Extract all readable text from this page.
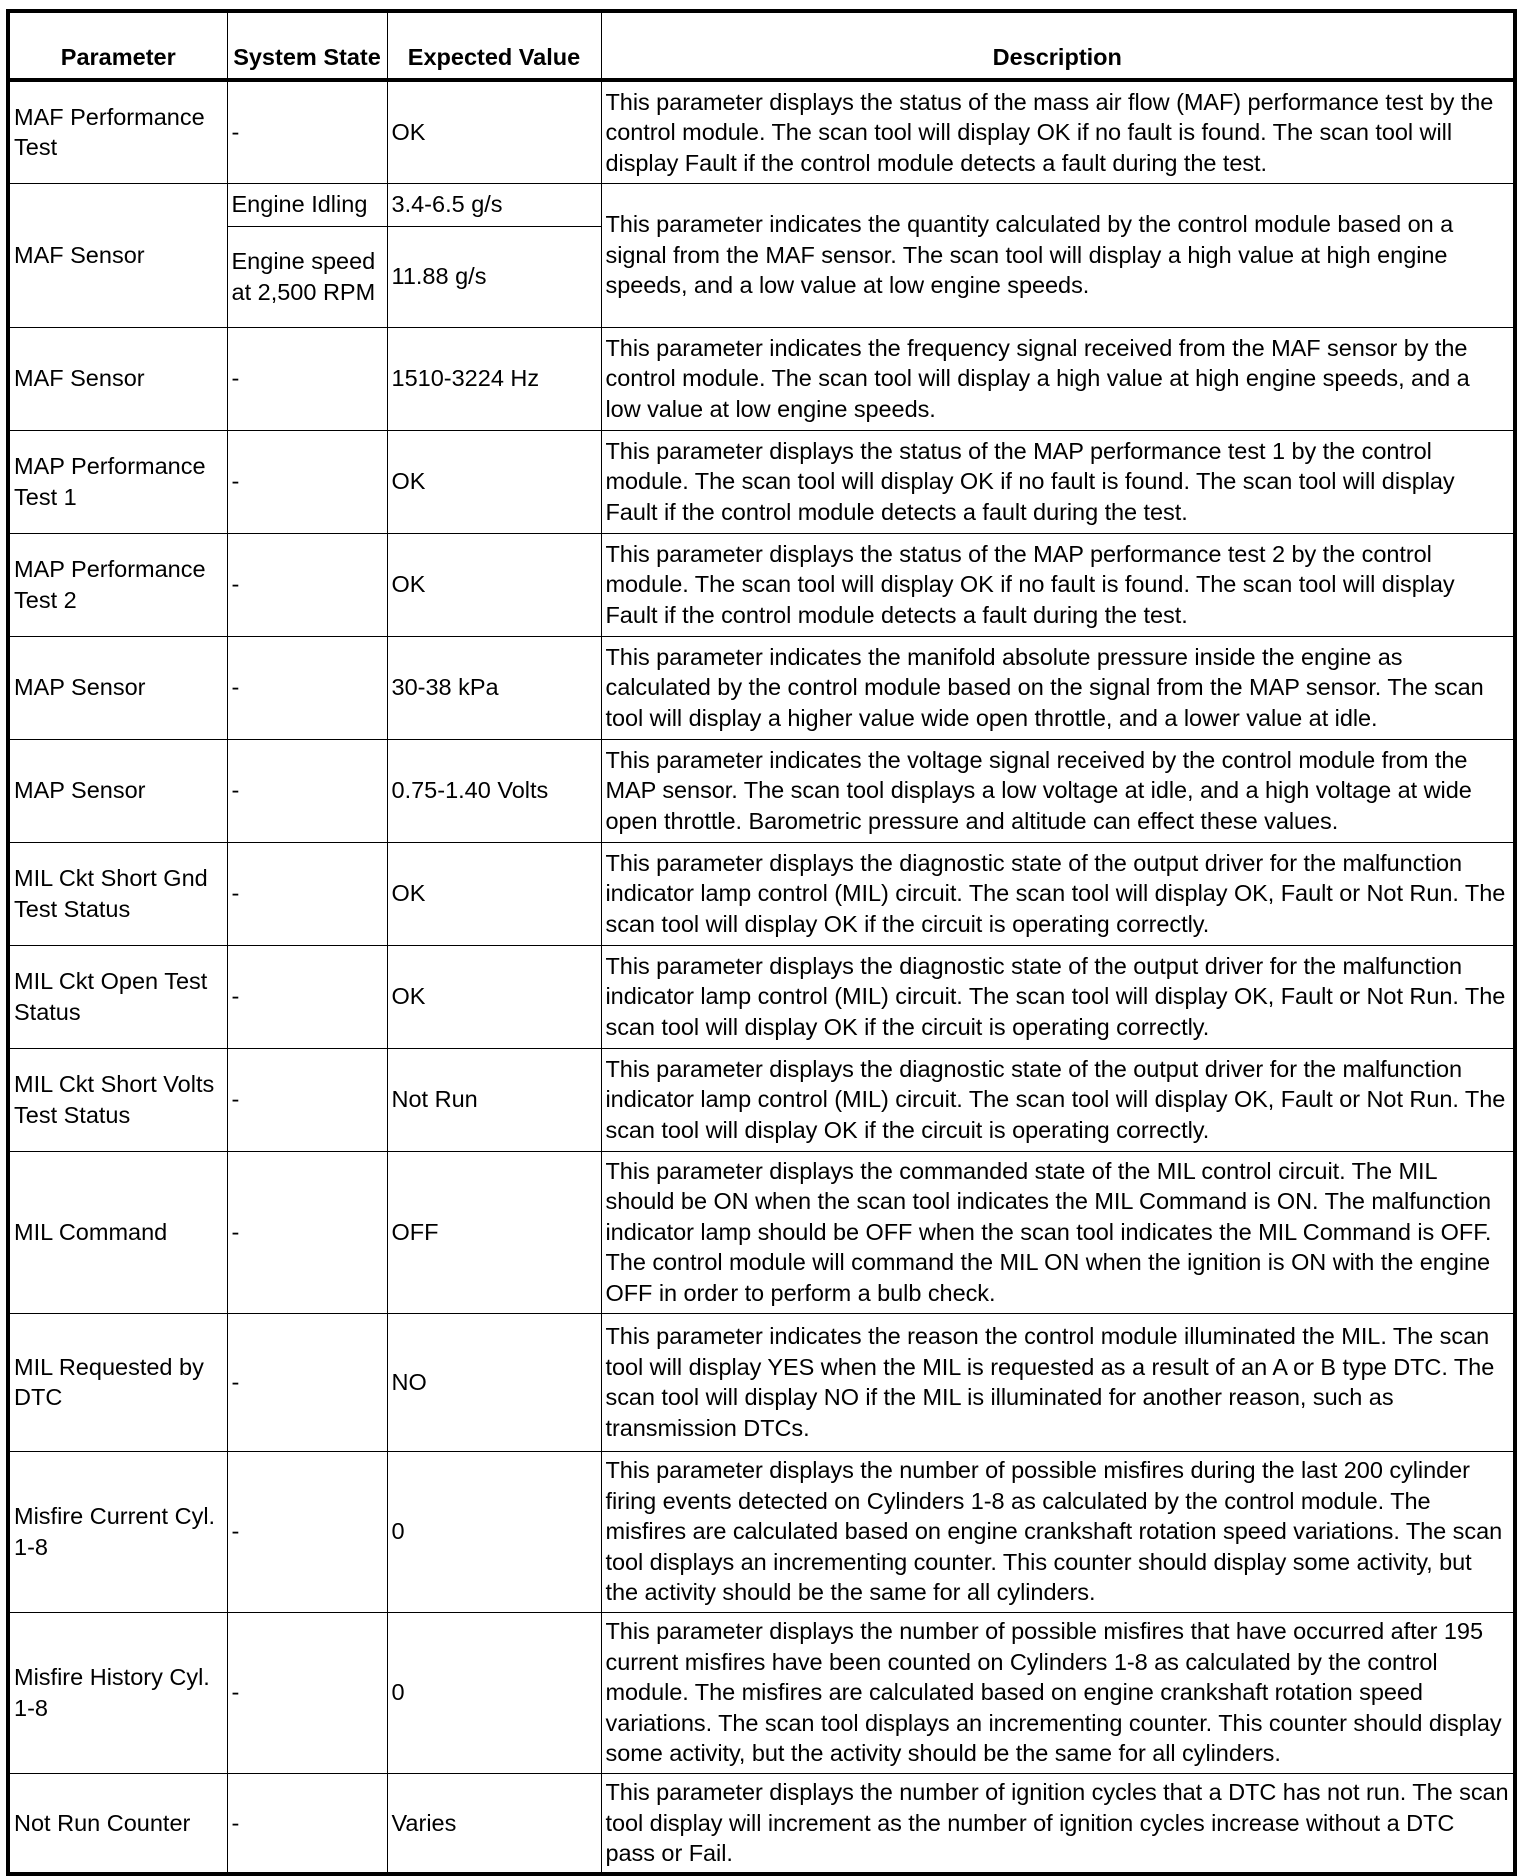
Parameter	System State	Expected Value	Description
MAF Performance Test	-	OK	This parameter displays the status of the mass air flow (MAF) performance test by the control module. The scan tool will display OK if no fault is found. The scan tool will display Fault if the control module detects a fault during the test.
MAF Sensor	Engine Idling	3.4-6.5 g/s	This parameter indicates the quantity calculated by the control module based on a signal from the MAF sensor. The scan tool will display a high value at high engine speeds, and a low value at low engine speeds.
	Engine speed at 2,500 RPM	11.88 g/s	
MAF Sensor	-	1510-3224 Hz	This parameter indicates the frequency signal received from the MAF sensor by the control module. The scan tool will display a high value at high engine speeds, and a low value at low engine speeds.
MAP Performance Test 1	-	OK	This parameter displays the status of the MAP performance test 1 by the control module. The scan tool will display OK if no fault is found. The scan tool will display Fault if the control module detects a fault during the test.
MAP Performance Test 2	-	OK	This parameter displays the status of the MAP performance test 2 by the control module. The scan tool will display OK if no fault is found. The scan tool will display Fault if the control module detects a fault during the test.
MAP Sensor	-	30-38 kPa	This parameter indicates the manifold absolute pressure inside the engine as calculated by the control module based on the signal from the MAP sensor. The scan tool will display a higher value wide open throttle, and a lower value at idle.
MAP Sensor	-	0.75-1.40 Volts	This parameter indicates the voltage signal received by the control module from the MAP sensor. The scan tool displays a low voltage at idle, and a high voltage at wide open throttle. Barometric pressure and altitude can effect these values.
MIL Ckt Short Gnd Test Status	-	OK	This parameter displays the diagnostic state of the output driver for the malfunction indicator lamp control (MIL) circuit. The scan tool will display OK, Fault or Not Run. The scan tool will display OK if the circuit is operating correctly.
MIL Ckt Open Test Status	-	OK	This parameter displays the diagnostic state of the output driver for the malfunction indicator lamp control (MIL) circuit. The scan tool will display OK, Fault or Not Run. The scan tool will display OK if the circuit is operating correctly.
MIL Ckt Short Volts Test Status	-	Not Run	This parameter displays the diagnostic state of the output driver for the malfunction indicator lamp control (MIL) circuit. The scan tool will display OK, Fault or Not Run. The scan tool will display OK if the circuit is operating correctly.
MIL Command	-	OFF	This parameter displays the commanded state of the MIL control circuit. The MIL should be ON when the scan tool indicates the MIL Command is ON. The malfunction indicator lamp should be OFF when the scan tool indicates the MIL Command is OFF. The control module will command the MIL ON when the ignition is ON with the engine OFF in order to perform a bulb check.
MIL Requested by DTC	-	NO	This parameter indicates the reason the control module illuminated the MIL. The scan tool will display YES when the MIL is requested as a result of an A or B type DTC. The scan tool will display NO if the MIL is illuminated for another reason, such as transmission DTCs.
Misfire Current Cyl. 1-8	-	0	This parameter displays the number of possible misfires during the last 200 cylinder firing events detected on Cylinders 1-8 as calculated by the control module. The misfires are calculated based on engine crankshaft rotation speed variations. The scan tool displays an incrementing counter. This counter should display some activity, but the activity should be the same for all cylinders.
Misfire History Cyl. 1-8	-	0	This parameter displays the number of possible misfires that have occurred after 195 current misfires have been counted on Cylinders 1-8 as calculated by the control module. The misfires are calculated based on engine crankshaft rotation speed variations. The scan tool displays an incrementing counter. This counter should display some activity, but the activity should be the same for all cylinders.
Not Run Counter	-	Varies	This parameter displays the number of ignition cycles that a DTC has not run. The scan tool display will increment as the number of ignition cycles increase without a DTC pass or Fail.
